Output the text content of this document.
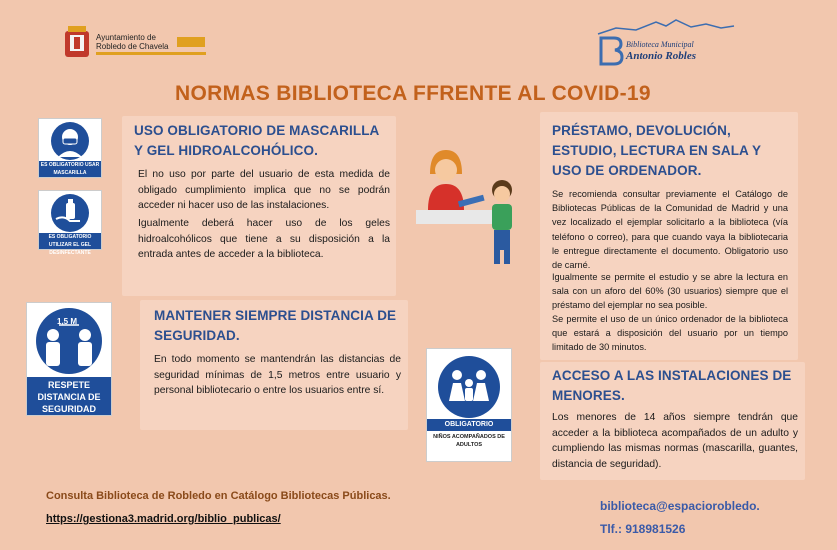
Ayuntamiento de
Robledo de Chavela	Biblioteca Municipal
Antonio Robles
NORMAS BIBLIOTECA FFRENTE AL COVID-19
ES OBLIGATORIO USAR MASCARILLA
ES OBLIGATORIO UTILIZAR EL GEL DESINFECTANTE
USO OBLIGATORIO DE MASCARILLA Y GEL HIDROALCOHÓLICO.
El no uso por parte del usuario de esta medida de obligado cumplimiento implica que no se podrán acceder ni hacer uso de las instalaciones.
Igualmente deberá hacer uso de los geles hidroalcohólicos que tiene a su disposición a la entrada antes de acceder a la biblioteca.
1,5 M
RESPETE DISTANCIA DE SEGURIDAD
MANTENER SIEMPRE DISTANCIA DE SEGURIDAD.
En todo momento se mantendrán las distancias de seguridad mínimas de 1,5 metros entre usuario y personal bibliotecario o entre los usuarios entre sí.
PRÉSTAMO, DEVOLUCIÓN, ESTUDIO, LECTURA EN SALA Y USO DE ORDENADOR.
Se recomienda consultar previamente el Catálogo de Bibliotecas Públicas de la Comunidad de Madrid y una vez localizado el ejemplar solicitarlo a la biblioteca (vía teléfono o correo), para que cuando vaya la bibliotecaria le entregue directamente el documento. Obligatorio uso de carné.
Igualmente se permite el estudio y se abre la lectura en sala con un aforo del 60% (30 usuarios) siempre que el préstamo del ejemplar no sea posible.
Se permite el uso de un único ordenador de la biblioteca que estará a disposición del usuario por un tiempo limitado de 30 minutos.
OBLIGATORIO
NIÑOS ACOMPAÑADOS DE ADULTOS
ACCESO A LAS INSTALACIONES DE MENORES.
Los menores de 14 años siempre tendrán que acceder a la biblioteca acompañados de un adulto y cumpliendo las mismas normas (mascarilla, guantes, distancia de seguridad).
Consulta Biblioteca de Robledo en Catálogo Bibliotecas Públicas.
https://gestiona3.madrid.org/biblio_publicas/
biblioteca@espaciorobledo.
Tlf.: 918981526
